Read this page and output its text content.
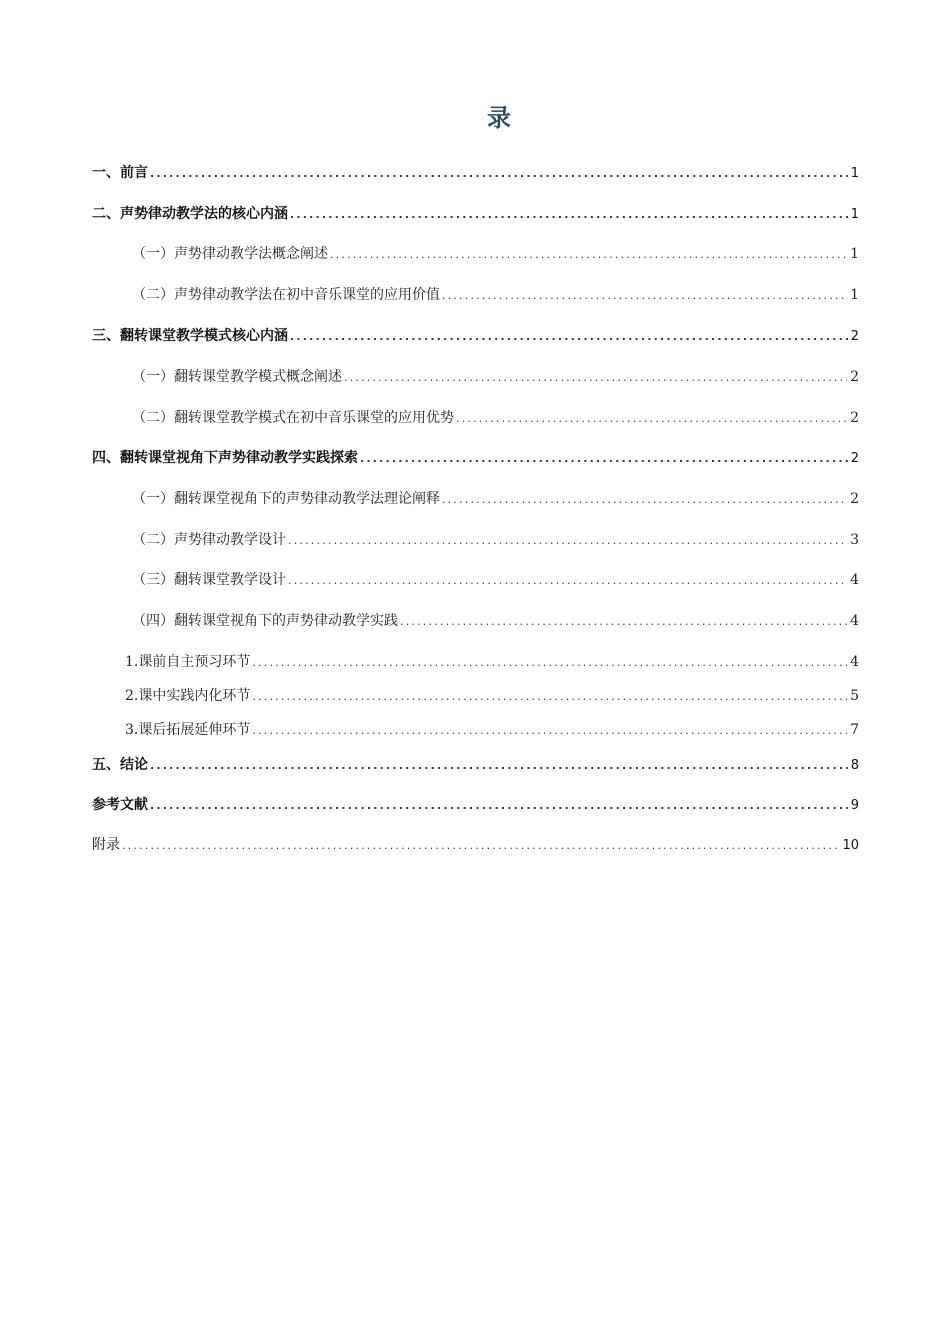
录
一、前言 .....	1
二、声势律动教学法的核心内涵 .....	1
（一）声势律动教学法概念阐述 .....	1
（二）声势律动教学法在初中音乐课堂的应用价值 .....	1
三、翻转课堂教学模式核心内涵 .....	2
（一）翻转课堂教学模式概念阐述 .....	2
（二）翻转课堂教学模式在初中音乐课堂的应用优势 .....	2
四、翻转课堂视角下声势律动教学实践探索 .....	2
（一）翻转课堂视角下的声势律动教学法理论阐释 .....	2
（二）声势律动教学设计 .....	3
（三）翻转课堂教学设计 .....	4
（四）翻转课堂视角下的声势律动教学实践 .....	4
1.课前自主预习环节 .....	4
2.课中实践内化环节 .....	5
3.课后拓展延伸环节 .....	7
五、结论 .....	8
参考文献 .....	9
附录 .....	10
